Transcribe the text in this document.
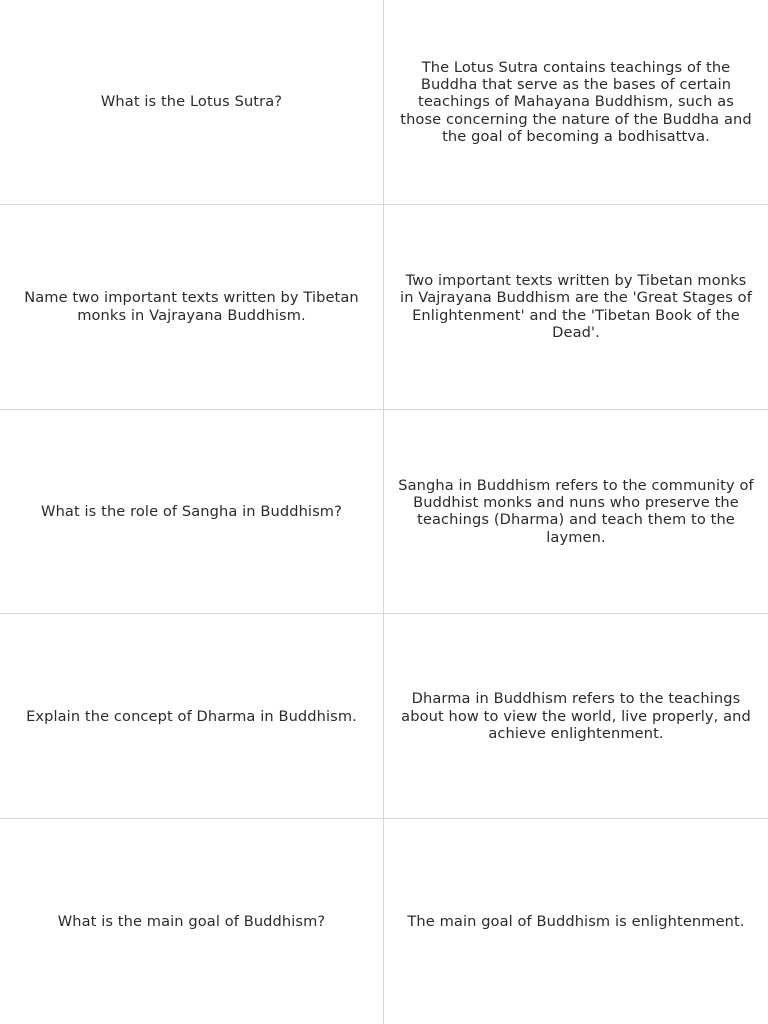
What is the Lotus Sutra?
The Lotus Sutra contains teachings of the Buddha that serve as the bases of certain teachings of Mahayana Buddhism, such as those concerning the nature of the Buddha and the goal of becoming a bodhisattva.
Name two important texts written by Tibetan monks in Vajrayana Buddhism.
Two important texts written by Tibetan monks in Vajrayana Buddhism are the 'Great Stages of Enlightenment' and the 'Tibetan Book of the Dead'.
What is the role of Sangha in Buddhism?
Sangha in Buddhism refers to the community of Buddhist monks and nuns who preserve the teachings (Dharma) and teach them to the laymen.
Explain the concept of Dharma in Buddhism.
Dharma in Buddhism refers to the teachings about how to view the world, live properly, and achieve enlightenment.
What is the main goal of Buddhism?	The main goal of Buddhism is enlightenment.
